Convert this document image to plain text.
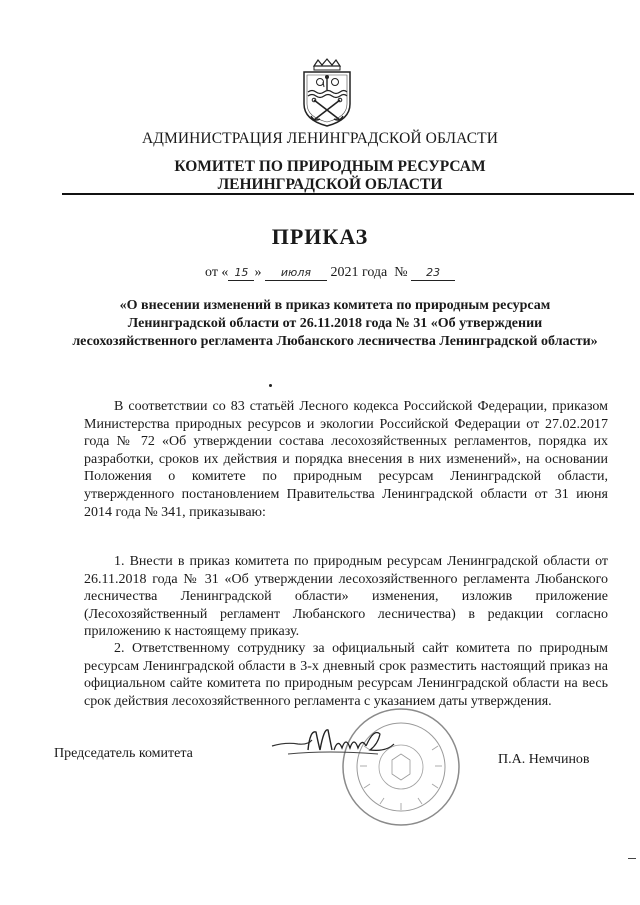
АДМИНИСТРАЦИЯ ЛЕНИНГРАДСКОЙ ОБЛАСТИ
КОМИТЕТ ПО ПРИРОДНЫМ РЕСУРСАМ
ЛЕНИНГРАДСКОЙ ОБЛАСТИ
ПРИКАЗ
от « 15 » июля 2021 года № 23
«О внесении изменений в приказ комитета по природным ресурсам Ленинградской области от 26.11.2018 года № 31 «Об утверждении лесохозяйственного регламента Любанского лесничества Ленинградской области»
В соответствии со 83 статьёй Лесного кодекса Российской Федерации, приказом Министерства природных ресурсов и экологии Российской Федерации от 27.02.2017 года № 72 «Об утверждении состава лесохозяйственных регламентов, порядка их разработки, сроков их действия и порядка внесения в них изменений», на основании Положения о комитете по природным ресурсам Ленинградской области, утвержденного постановлением Правительства Ленинградской области от 31 июня 2014 года № 341, приказываю:
1. Внести в приказ комитета по природным ресурсам Ленинградской области от 26.11.2018 года № 31 «Об утверждении лесохозяйственного регламента Любанского лесничества Ленинградской области» изменения, изложив приложение (Лесохозяйственный регламент Любанского лесничества) в редакции согласно приложению к настоящему приказу.
2. Ответственному сотруднику за официальный сайт комитета по природным ресурсам Ленинградской области в 3-х дневный срок разместить настоящий приказ на официальном сайте комитета по природным ресурсам Ленинградской области на весь срок действия лесохозяйственного регламента с указанием даты утверждения.
Председатель комитета	П.А. Немчинов
